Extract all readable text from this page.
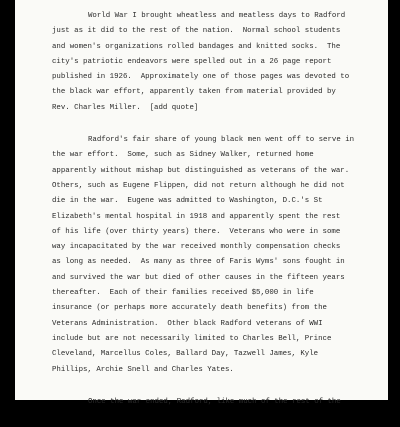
World War I brought wheatless and meatless days to Radford
just as it did to the rest of the nation.  Normal school students
and women's organizations rolled bandages and knitted socks.  The
city's patriotic endeavors were spelled out in a 26 page report
published in 1926.  Approximately one of those pages was devoted to
the black war effort, apparently taken from material provided by
Rev. Charles Miller.  [add quote]

Radford's fair share of young black men went off to serve in
the war effort.  Some, such as Sidney Walker, returned home
apparently without mishap but distinguished as veterans of the war.
Others, such as Eugene Flippen, did not return although he did not
die in the war.  Eugene was admitted to Washington, D.C.'s St
Elizabeth's mental hospital in 1918 and apparently spent the rest
of his life (over thirty years) there.  Veterans who were in some
way incapacitated by the war received monthly compensation checks
as long as needed.  As many as three of Faris Wyms' sons fought in
and survived the war but died of other causes in the fifteen years
thereafter.  Each of their families received $5,000 in life
insurance (or perhaps more accurately death benefits) from the
Veterans Administration.  Other black Radford veterans of WWI
include but are not necessarily limited to Charles Bell, Prince
Cleveland, Marcellus Coles, Ballard Day, Tazwell James, Kyle
Phillips, Archie Snell and Charles Yates.

Once the war ended, Radford, like much of the rest of the
